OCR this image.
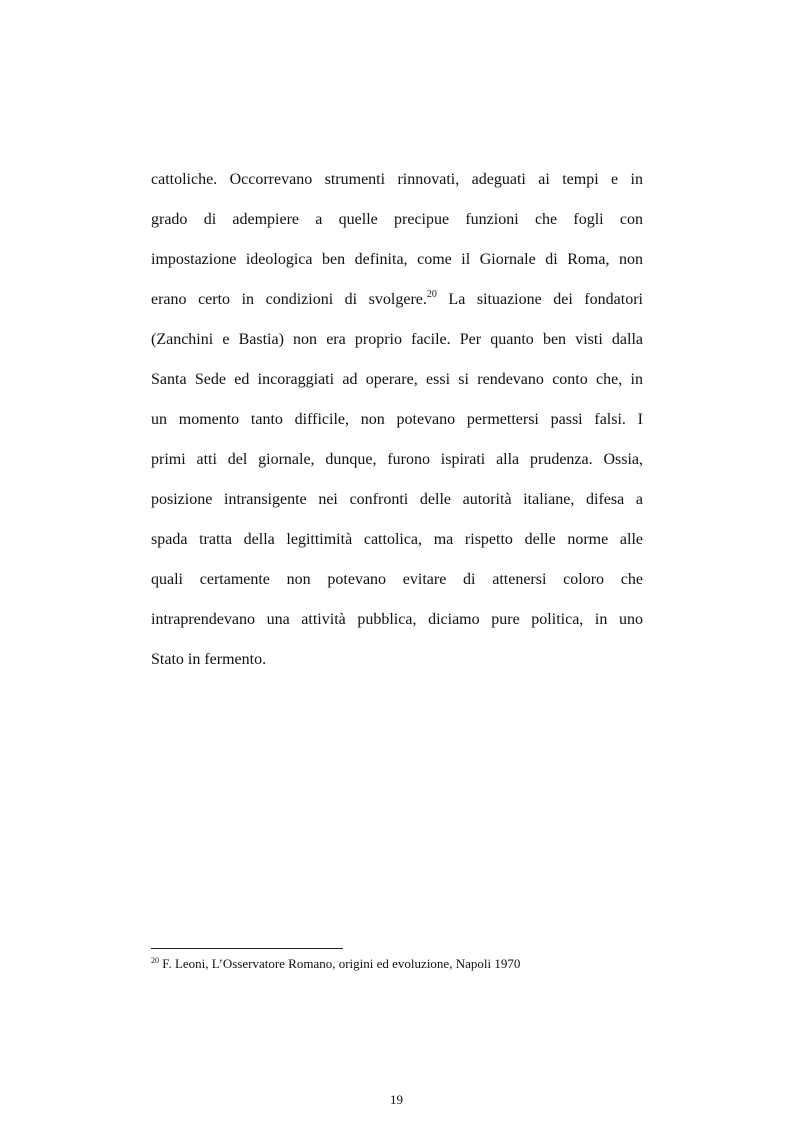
cattoliche. Occorrevano strumenti rinnovati, adeguati ai tempi e in
grado di adempiere a quelle precipue funzioni che fogli con
impostazione ideologica ben definita, come il Giornale di Roma, non
erano certo in condizioni di svolgere.$^{20}$ La situazione dei fondatori
(Zanchini e Bastia) non era proprio facile. Per quanto ben visti dalla
Santa Sede ed incoraggiati ad operare, essi si rendevano conto che, in
un momento tanto difficile, non potevano permettersi passi falsi. I
primi atti del giornale, dunque, furono ispirati alla prudenza. Ossia,
posizione intransigente nei confronti delle autorità italiane, difesa a
spada tratta della legittimità cattolica, ma rispetto delle norme alle
quali certamente non potevano evitare di attenersi coloro che
intraprendevano una attività pubblica, diciamo pure politica, in uno
Stato in fermento.
$^{20}$ F. Leoni, L’Osservatore Romano, origini ed evoluzione, Napoli 1970
19
